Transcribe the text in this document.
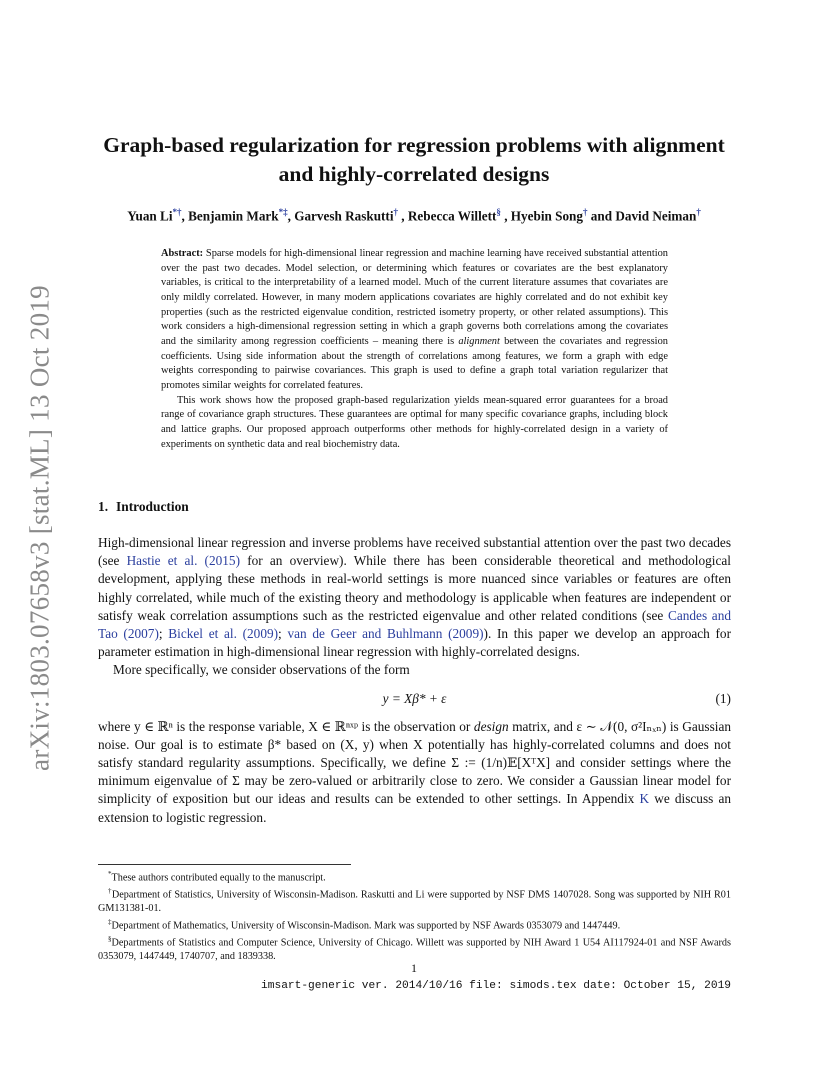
arXiv:1803.07658v3 [stat.ML] 13 Oct 2019
Graph-based regularization for regression problems with alignment and highly-correlated designs
Yuan Li*†, Benjamin Mark*‡, Garvesh Raskutti† , Rebecca Willett§ , Hyebin Song† and David Neiman†

Abstract: Sparse models for high-dimensional linear regression and machine learning have received substantial attention over the past two decades. Model selection, or determining which features or covariates are the best explanatory variables, is critical to the interpretability of a learned model. Much of the current literature assumes that covariates are only mildly correlated. However, in many modern applications covariates are highly correlated and do not exhibit key properties (such as the restricted eigenvalue condition, restricted isometry property, or other related assumptions). This work considers a high-dimensional regression setting in which a graph governs both correlations among the covariates and the similarity among regression coefficients – meaning there is alignment between the covariates and regression coefficients. Using side information about the strength of correlations among features, we form a graph with edge weights corresponding to pairwise covariances. This graph is used to define a graph total variation regularizer that promotes similar weights for correlated features.

This work shows how the proposed graph-based regularization yields mean-squared error guarantees for a broad range of covariance graph structures. These guarantees are optimal for many specific covariance graphs, including block and lattice graphs. Our proposed approach outperforms other methods for highly-correlated design in a variety of experiments on synthetic data and real biochemistry data.

1. Introduction

High-dimensional linear regression and inverse problems have received substantial attention over the past two decades (see Hastie et al. (2015) for an overview). While there has been considerable theoretical and methodological development, applying these methods in real-world settings is more nuanced since variables or features are often highly correlated, while much of the existing theory and methodology is applicable when features are independent or satisfy weak correlation assumptions such as the restricted eigenvalue and other related conditions (see Candes and Tao (2007); Bickel et al. (2009); van de Geer and Buhlmann (2009)). In this paper we develop an approach for parameter estimation in high-dimensional linear regression with highly-correlated designs.

More specifically, we consider observations of the form

y = Xβ* + ε	(1)

where y ∈ ℝⁿ is the response variable, X ∈ ℝⁿˣᵖ is the observation or design matrix, and ε ∼ 𝒩(0, σ²Iₙₓₙ) is Gaussian noise. Our goal is to estimate β* based on (X, y) when X potentially has highly-correlated columns and does not satisfy standard regularity assumptions. Specifically, we define Σ := (1/n)𝔼[XᵀX] and consider settings where the minimum eigenvalue of Σ may be zero-valued or arbitrarily close to zero. We consider a Gaussian linear model for simplicity of exposition but our ideas and results can be extended to other settings. In Appendix K we discuss an extension to logistic regression.

*These authors contributed equally to the manuscript.

†Department of Statistics, University of Wisconsin-Madison. Raskutti and Li were supported by NSF DMS 1407028. Song was supported by NIH R01 GM131381-01.

‡Department of Mathematics, University of Wisconsin-Madison. Mark was supported by NSF Awards 0353079 and 1447449.

§Departments of Statistics and Computer Science, University of Chicago. Willett was supported by NIH Award 1 U54 AI117924-01 and NSF Awards 0353079, 1447449, 1740707, and 1839338.

1
imsart-generic ver. 2014/10/16 file: simods.tex date: October 15, 2019
